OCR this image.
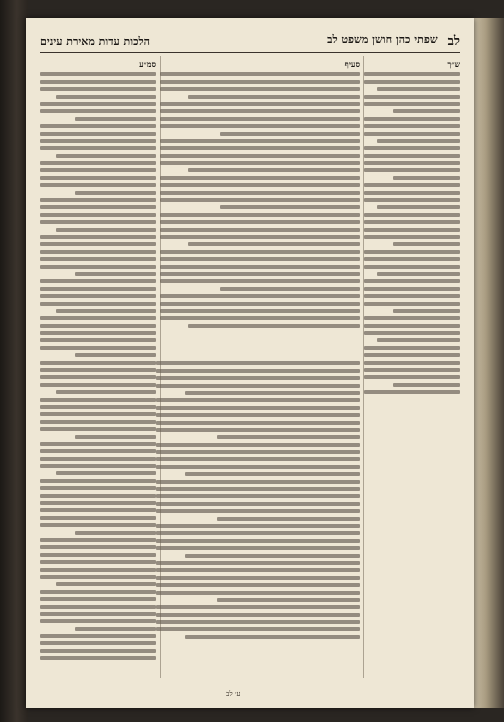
לב
שפתי כהן חושן משפט לב
הלכות עדות מאירת עינים
ש״ך
סעיף
סמ״ע
ע׳ לב
